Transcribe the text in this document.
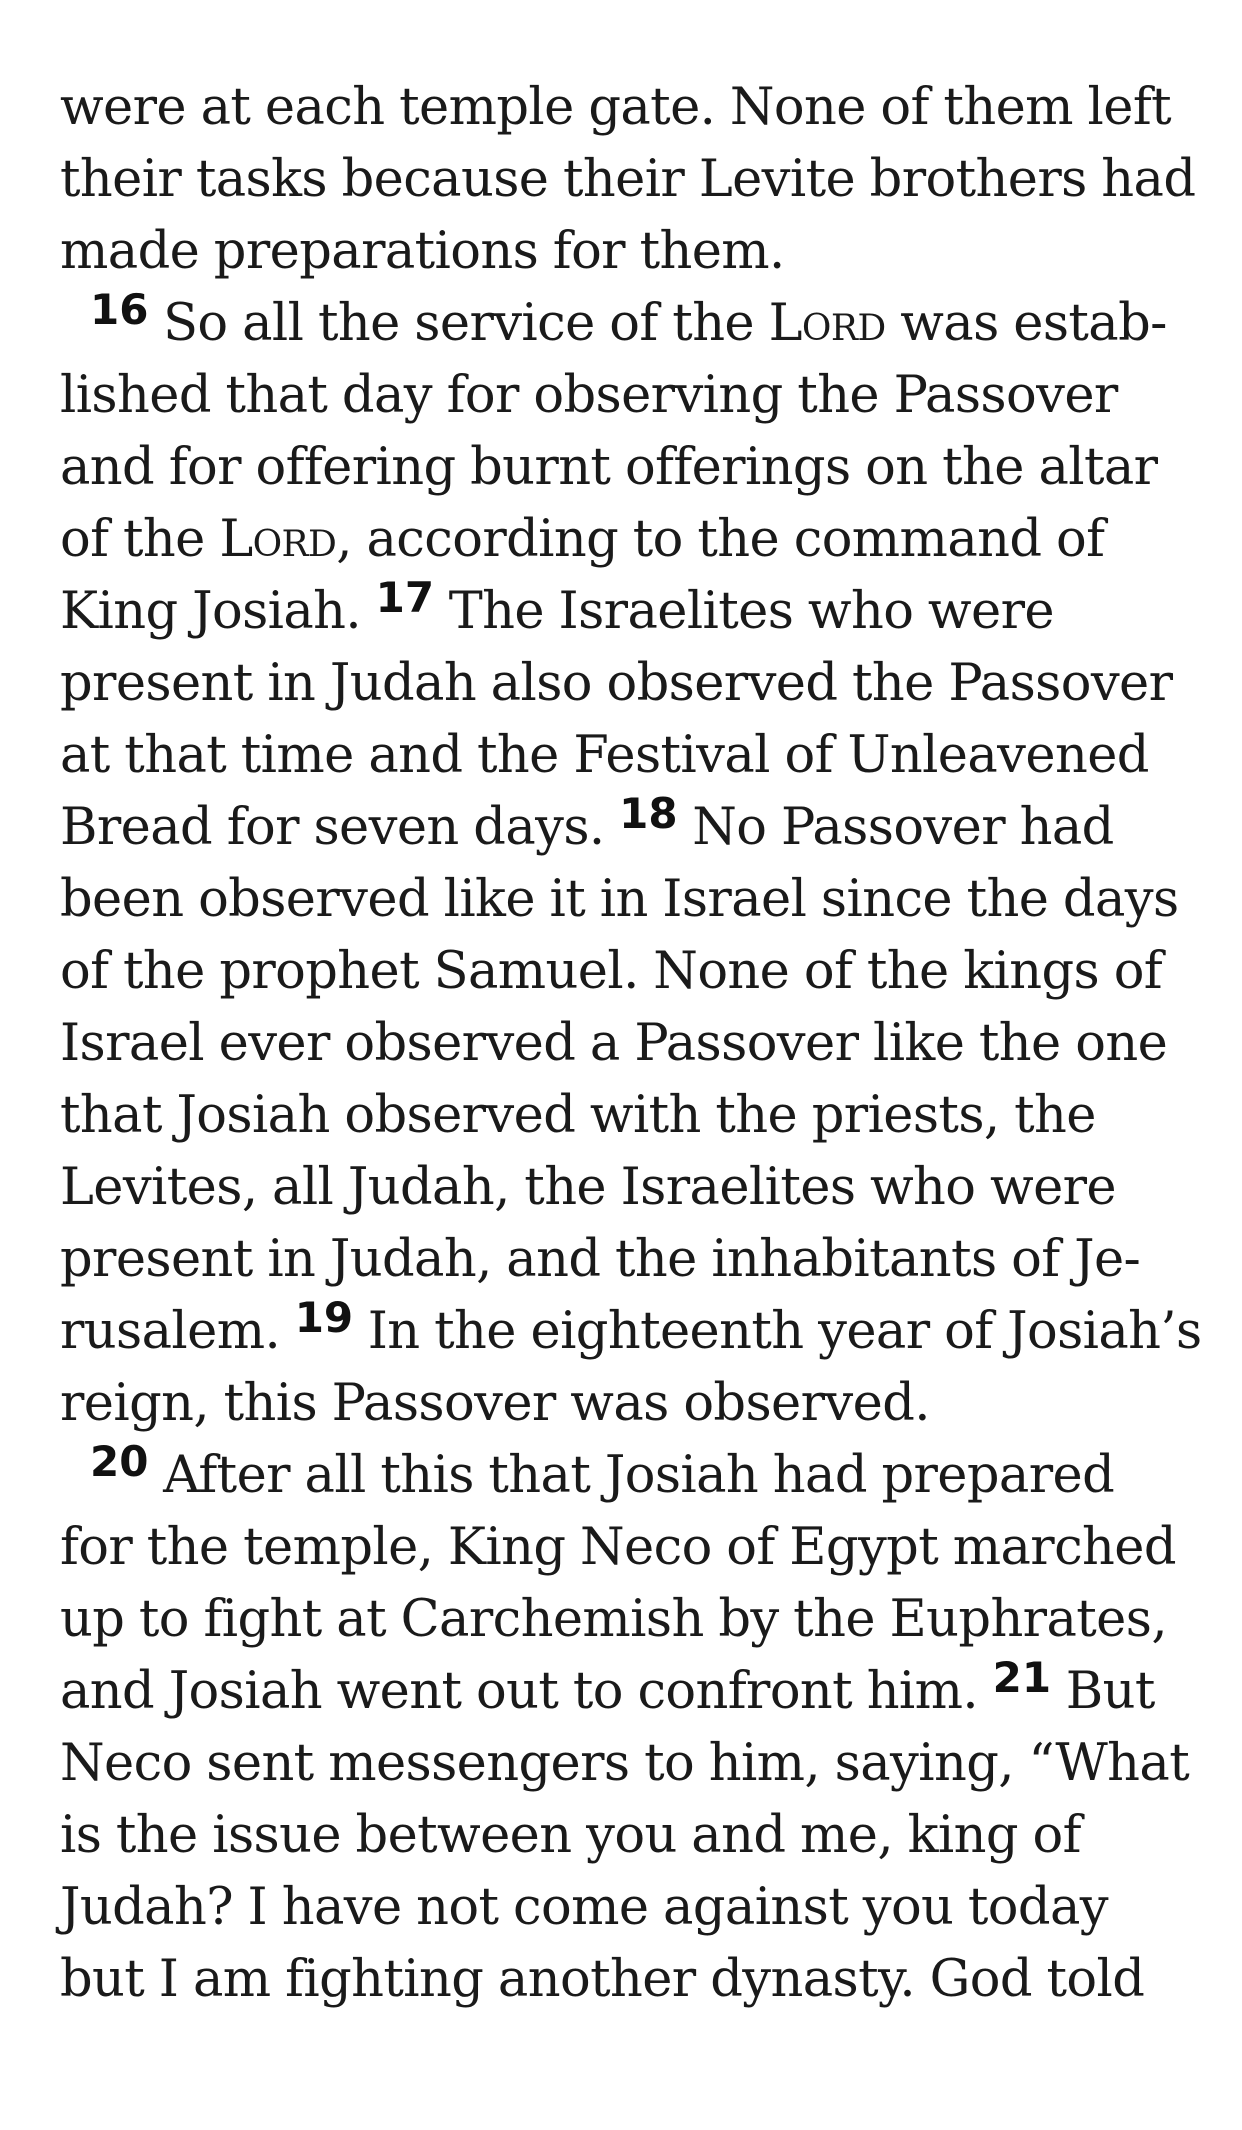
were at each temple gate. None of them left
their tasks because their Levite brothers had
made preparations for them.
$^{16}$ So all the service of the Lord was estab-
lished that day for observing the Passover
and for offering burnt offerings on the altar
of the Lord, according to the command of
King Josiah. $^{17}$ The Israelites who were
present in Judah also observed the Passover
at that time and the Festival of Unleavened
Bread for seven days. $^{18}$ No Passover had
been observed like it in Israel since the days
of the prophet Samuel. None of the kings of
Israel ever observed a Passover like the one
that Josiah observed with the priests, the
Levites, all Judah, the Israelites who were
present in Judah, and the inhabitants of Je-
rusalem. $^{19}$ In the eighteenth year of Josiah’s
reign, this Passover was observed.
$^{20}$ After all this that Josiah had prepared
for the temple, King Neco of Egypt marched
up to fight at Carchemish by the Euphrates,
and Josiah went out to confront him. $^{21}$ But
Neco sent messengers to him, saying, “What
is the issue between you and me, king of
Judah? I have not come against you today
but I am fighting another dynasty. God told
